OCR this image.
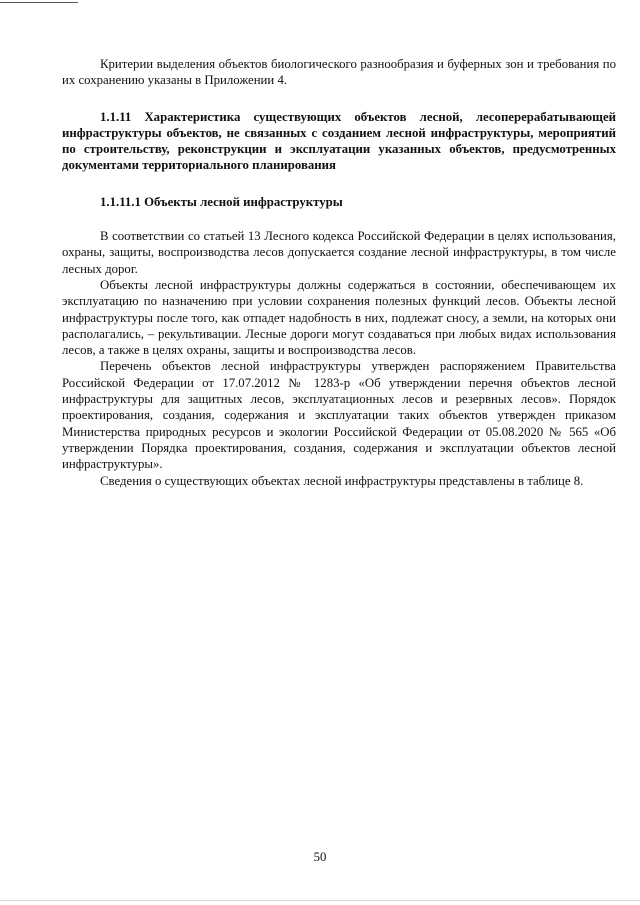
Критерии выделения объектов биологического разнообразия и буферных зон и требования по их сохранению указаны в Приложении 4.

1.1.11 Характеристика существующих объектов лесной, лесоперерабатывающей инфраструктуры объектов, не связанных с созданием лесной инфраструктуры, мероприятий по строительству, реконструкции и эксплуатации указанных объектов, предусмотренных документами территориального планирования
1.1.11.1 Объекты лесной инфраструктуры

В соответствии со статьей 13 Лесного кодекса Российской Федерации в целях использования, охраны, защиты, воспроизводства лесов допускается создание лесной инфраструктуры, в том числе лесных дорог.

Объекты лесной инфраструктуры должны содержаться в состоянии, обеспечивающем их эксплуатацию по назначению при условии сохранения полезных функций лесов. Объекты лесной инфраструктуры после того, как отпадет надобность в них, подлежат сносу, а земли, на которых они располагались, – рекультивации. Лесные дороги могут создаваться при любых видах использования лесов, а также в целях охраны, защиты и воспроизводства лесов.

Перечень объектов лесной инфраструктуры утвержден распоряжением Правительства Российской Федерации от 17.07.2012 № 1283-р «Об утверждении перечня объектов лесной инфраструктуры для защитных лесов, эксплуатационных лесов и резервных лесов». Порядок проектирования, создания, содержания и эксплуатации таких объектов утвержден приказом Министерства природных ресурсов и экологии Российской Федерации от 05.08.2020 № 565 «Об утверждении Порядка проектирования, создания, содержания и эксплуатации объектов лесной инфраструктуры».

Сведения о существующих объектах лесной инфраструктуры представлены в таблице 8.

50
